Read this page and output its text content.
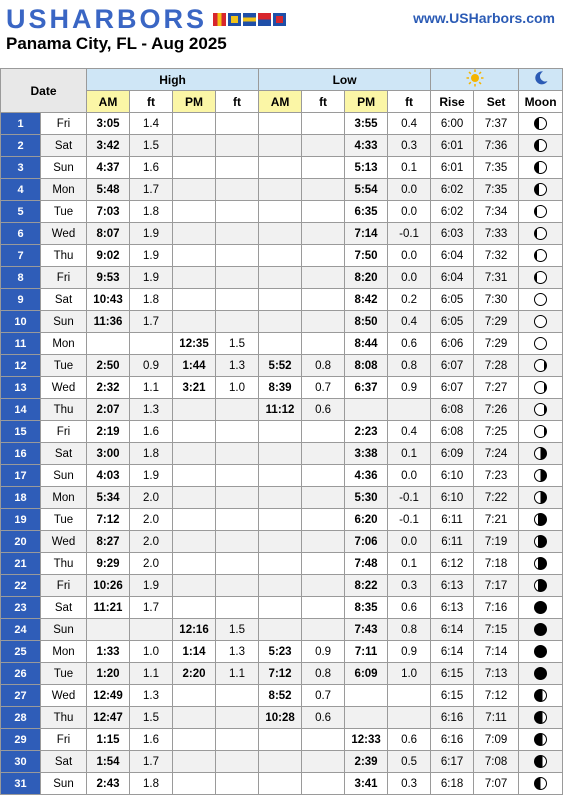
USHARBORS	www.USHarbors.com
Panama City, FL - Aug 2025
Date		High				Low		
		AM	ft	PM	ft	AM	ft	PM	ft	Rise	Set	Moon
1	Fri	3:05	1.4					3:55	0.4	6:00	7:37	
2	Sat	3:42	1.5					4:33	0.3	6:01	7:36	
3	Sun	4:37	1.6					5:13	0.1	6:01	7:35	
4	Mon	5:48	1.7					5:54	0.0	6:02	7:35	
5	Tue	7:03	1.8					6:35	0.0	6:02	7:34	
6	Wed	8:07	1.9					7:14	-0.1	6:03	7:33	
7	Thu	9:02	1.9					7:50	0.0	6:04	7:32	
8	Fri	9:53	1.9					8:20	0.0	6:04	7:31	
9	Sat	10:43	1.8					8:42	0.2	6:05	7:30	
10	Sun	11:36	1.7					8:50	0.4	6:05	7:29	
11	Mon			12:35	1.5			8:44	0.6	6:06	7:29	
12	Tue	2:50	0.9	1:44	1.3	5:52	0.8	8:08	0.8	6:07	7:28	
13	Wed	2:32	1.1	3:21	1.0	8:39	0.7	6:37	0.9	6:07	7:27	
14	Thu	2:07	1.3			11:12	0.6			6:08	7:26	
15	Fri	2:19	1.6					2:23	0.4	6:08	7:25	
16	Sat	3:00	1.8					3:38	0.1	6:09	7:24	
17	Sun	4:03	1.9					4:36	0.0	6:10	7:23	
18	Mon	5:34	2.0					5:30	-0.1	6:10	7:22	
19	Tue	7:12	2.0					6:20	-0.1	6:11	7:21	
20	Wed	8:27	2.0					7:06	0.0	6:11	7:19	
21	Thu	9:29	2.0					7:48	0.1	6:12	7:18	
22	Fri	10:26	1.9					8:22	0.3	6:13	7:17	
23	Sat	11:21	1.7					8:35	0.6	6:13	7:16	
24	Sun			12:16	1.5			7:43	0.8	6:14	7:15	
25	Mon	1:33	1.0	1:14	1.3	5:23	0.9	7:11	0.9	6:14	7:14	
26	Tue	1:20	1.1	2:20	1.1	7:12	0.8	6:09	1.0	6:15	7:13	
27	Wed	12:49	1.3			8:52	0.7			6:15	7:12	
28	Thu	12:47	1.5			10:28	0.6			6:16	7:11	
29	Fri	1:15	1.6					12:33	0.6	6:16	7:09	
30	Sat	1:54	1.7					2:39	0.5	6:17	7:08	
31	Sun	2:43	1.8					3:41	0.3	6:18	7:07	
